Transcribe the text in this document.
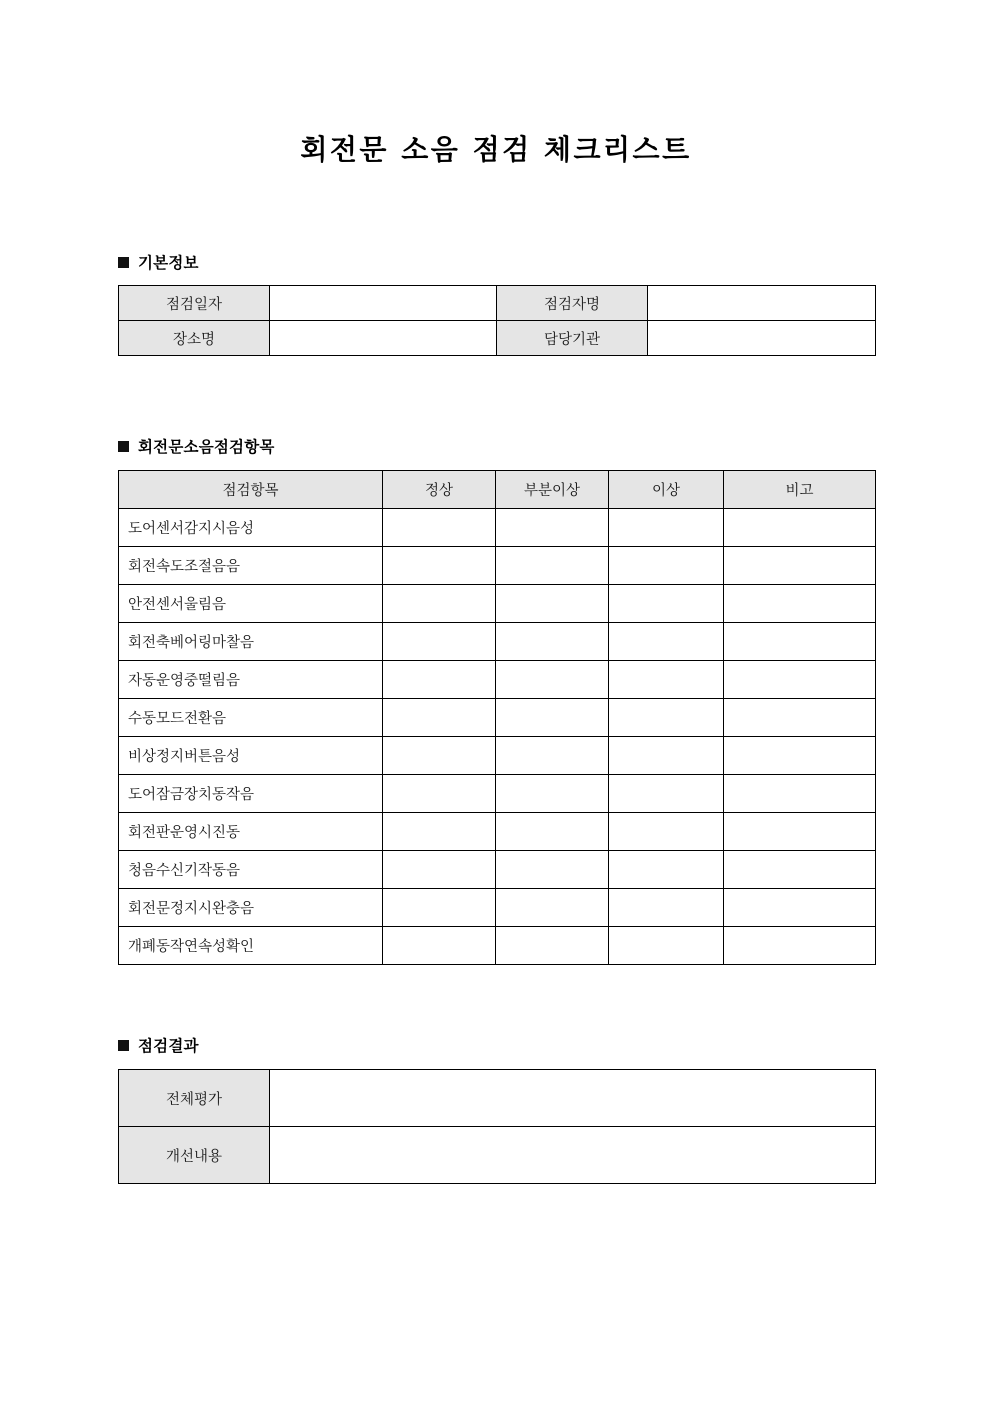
회전문 소음 점검 체크리스트
기본정보
점검일자		점검자명	
장소명		담당기관	
회전문소음점검항목
점검항목	정상	부분이상	이상	비고
도어센서감지시음성				
회전속도조절음음				
안전센서울림음				
회전축베어링마찰음				
자동운영중떨림음				
수동모드전환음				
비상정지버튼음성				
도어잠금장치동작음				
회전판운영시진동				
청음수신기작동음				
회전문정지시완충음				
개폐동작연속성확인				
점검결과
전체평가	
개선내용	
